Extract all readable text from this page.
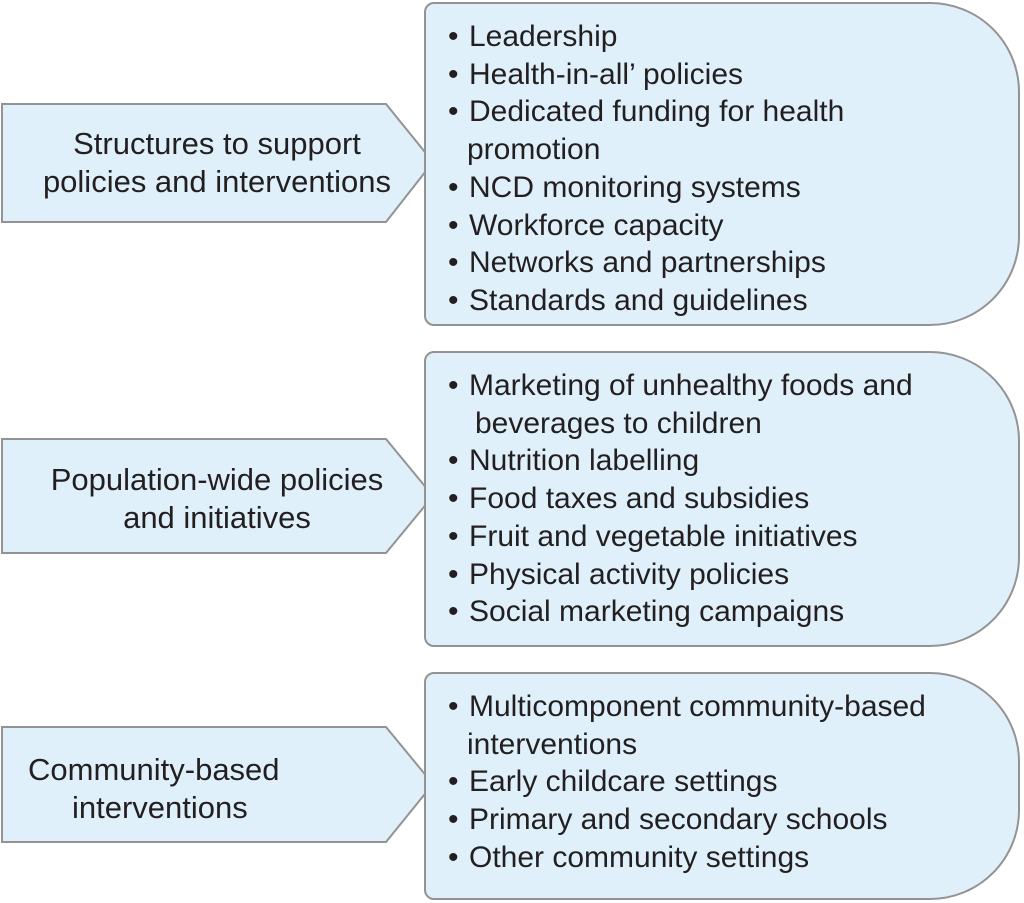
Structures to support
policies and interventions
• Leadership
• Health-in-all’ policies
• Dedicated funding for health
promotion
• NCD monitoring systems
• Workforce capacity
• Networks and partnerships
• Standards and guidelines
Population-wide policies
and initiatives
• Marketing of unhealthy foods and
beverages to children
• Nutrition labelling
• Food taxes and subsidies
• Fruit and vegetable initiatives
• Physical activity policies
• Social marketing campaigns
Community-based
interventions
• Multicomponent community-based
interventions
• Early childcare settings
• Primary and secondary schools
• Other community settings
